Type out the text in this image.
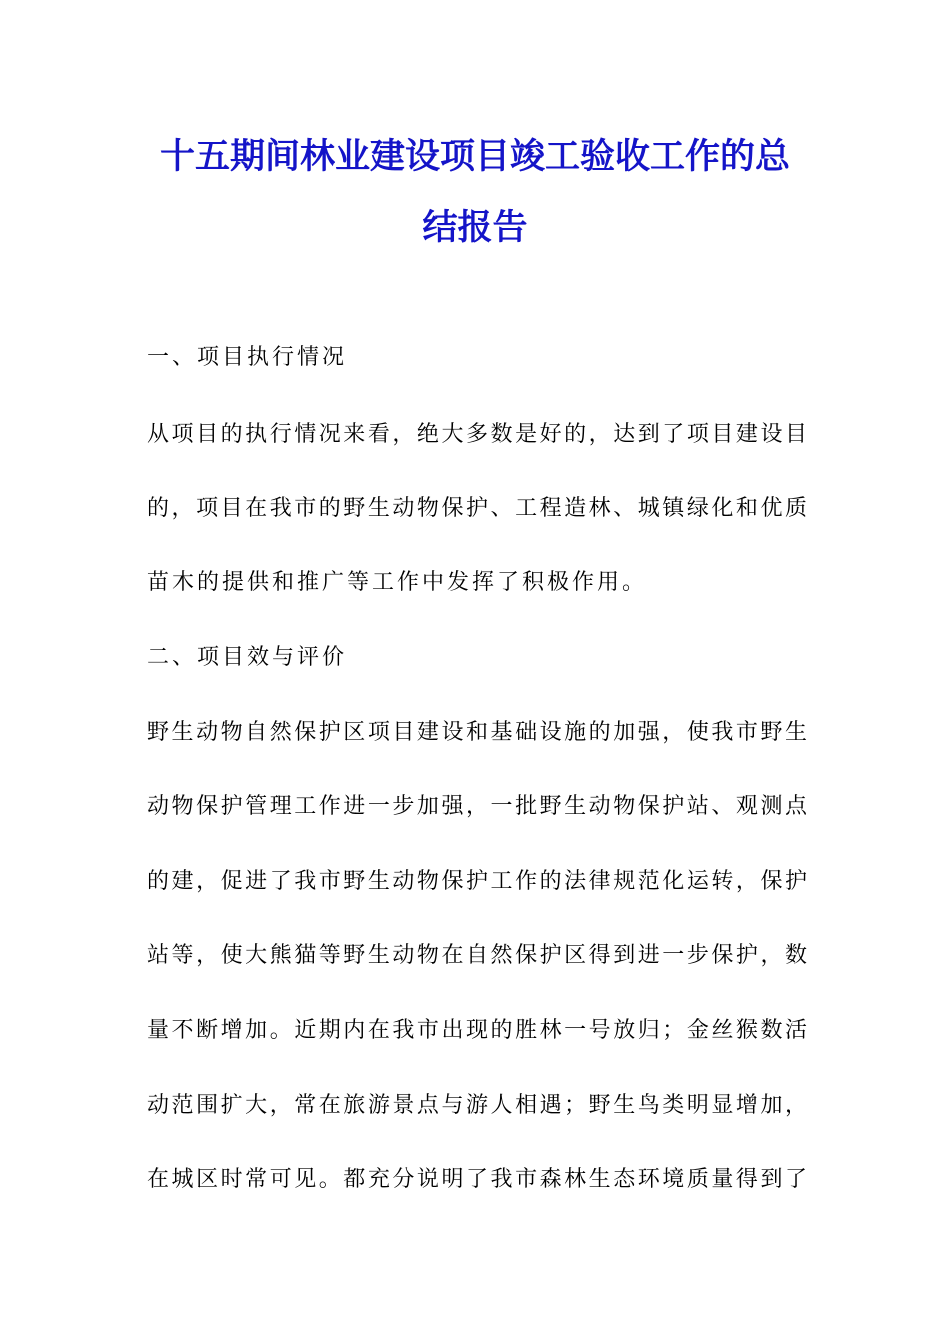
十五期间林业建设项目竣工验收工作的总
结报告
一、项目执行情况
从项目的执行情况来看，绝大多数是好的，达到了项目建设目
的，项目在我市的野生动物保护、工程造林、城镇绿化和优质
苗木的提供和推广等工作中发挥了积极作用。
二、项目效与评价
野生动物自然保护区项目建设和基础设施的加强，使我市野生
动物保护管理工作进一步加强，一批野生动物保护站、观测点
的建，促进了我市野生动物保护工作的法律规范化运转，保护
站等，使大熊猫等野生动物在自然保护区得到进一步保护，数
量不断增加。近期内在我市出现的胜林一号放归；金丝猴数活
动范围扩大，常在旅游景点与游人相遇；野生鸟类明显增加，
在城区时常可见。都充分说明了我市森林生态环境质量得到了
